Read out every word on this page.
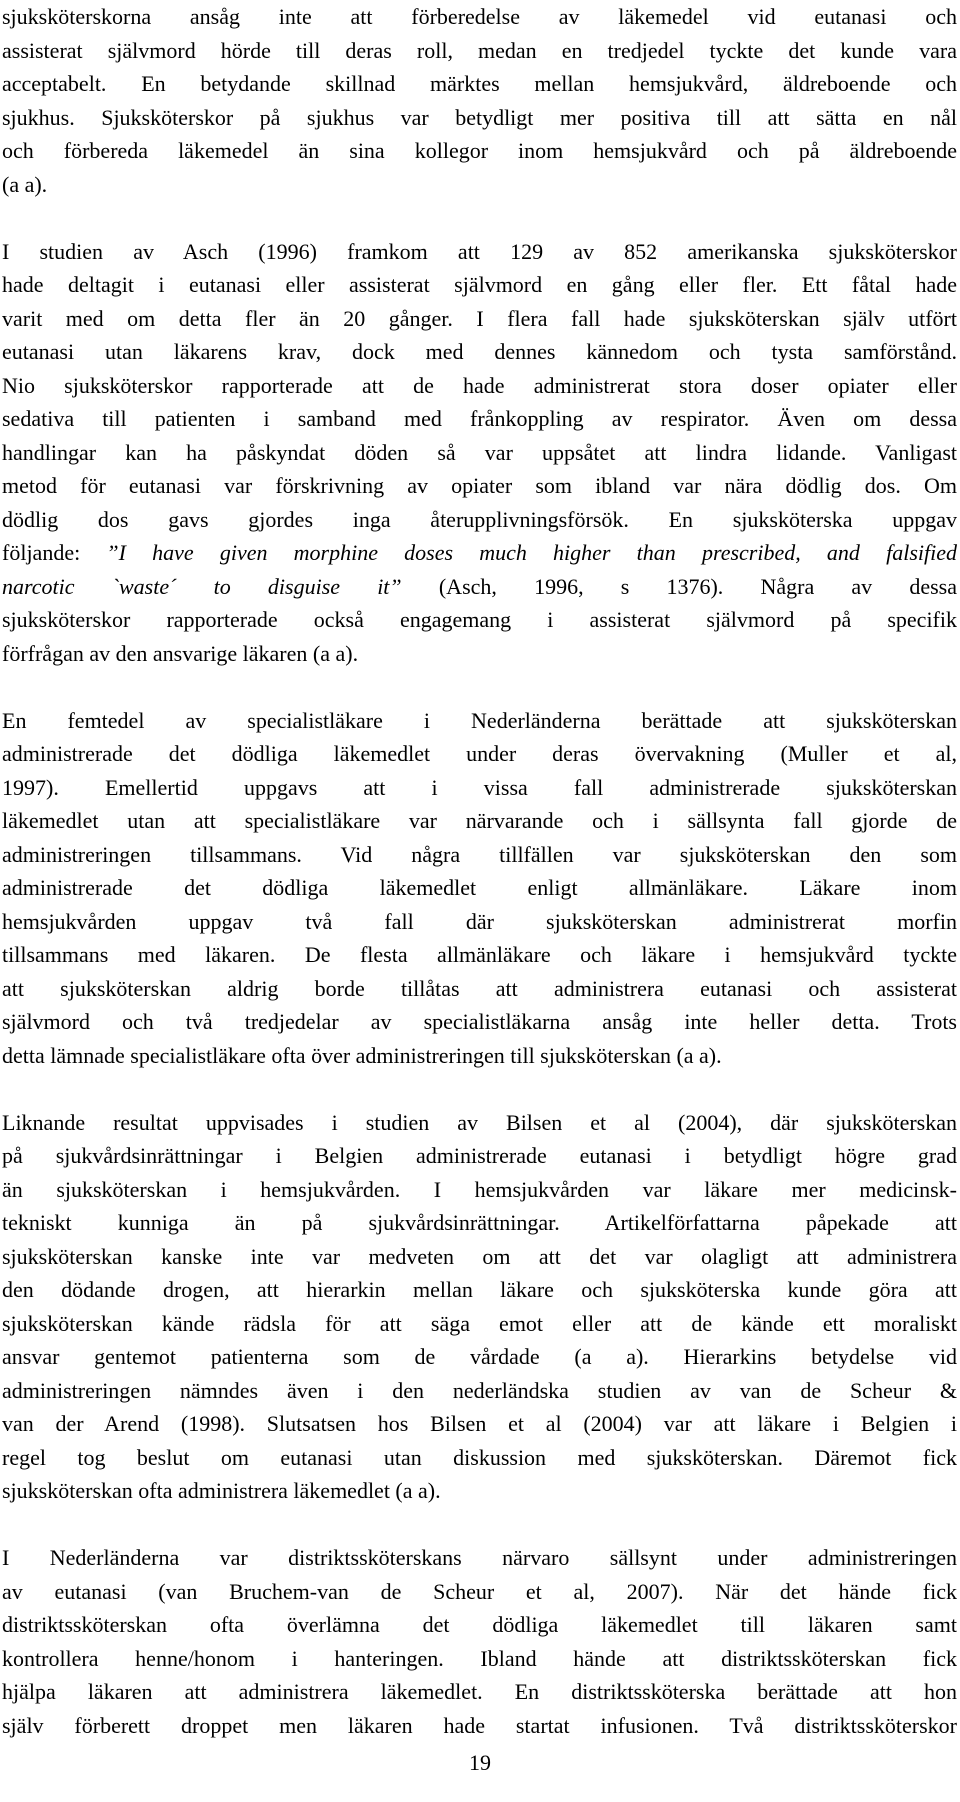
sjuksköterskorna ansåg inte att förberedelse av läkemedel vid eutanasi och
assisterat självmord hörde till deras roll, medan en tredjedel tyckte det kunde vara
acceptabelt. En betydande skillnad märktes mellan hemsjukvård, äldreboende och
sjukhus. Sjuksköterskor på sjukhus var betydligt mer positiva till att sätta en nål
och förbereda läkemedel än sina kollegor inom hemsjukvård och på äldreboende
(a a).
I studien av Asch (1996) framkom att 129 av 852 amerikanska sjuksköterskor
hade deltagit i eutanasi eller assisterat självmord en gång eller fler. Ett fåtal hade
varit med om detta fler än 20 gånger. I flera fall hade sjuksköterskan själv utfört
eutanasi utan läkarens krav, dock med dennes kännedom och tysta samförstånd.
Nio sjuksköterskor rapporterade att de hade administrerat stora doser opiater eller
sedativa till patienten i samband med frånkoppling av respirator. Även om dessa
handlingar kan ha påskyndat döden så var uppsåtet att lindra lidande. Vanligast
metod för eutanasi var förskrivning av opiater som ibland var nära dödlig dos. Om
dödlig dos gavs gjordes inga återupplivningsförsök. En sjuksköterska uppgav
följande: ”I have given morphine doses much higher than prescribed, and falsified
narcotic `waste´ to disguise it” (Asch, 1996, s 1376). Några av dessa
sjuksköterskor rapporterade också engagemang i assisterat självmord på specifik
förfrågan av den ansvarige läkaren (a a).
En femtedel av specialistläkare i Nederländerna berättade att sjuksköterskan
administrerade det dödliga läkemedlet under deras övervakning (Muller et al,
1997). Emellertid uppgavs att i vissa fall administrerade sjuksköterskan
läkemedlet utan att specialistläkare var närvarande och i sällsynta fall gjorde de
administreringen tillsammans. Vid några tillfällen var sjuksköterskan den som
administrerade det dödliga läkemedlet enligt allmänläkare. Läkare inom
hemsjukvården uppgav två fall där sjuksköterskan administrerat morfin
tillsammans med läkaren. De flesta allmänläkare och läkare i hemsjukvård tyckte
att sjuksköterskan aldrig borde tillåtas att administrera eutanasi och assisterat
självmord och två tredjedelar av specialistläkarna ansåg inte heller detta. Trots
detta lämnade specialistläkare ofta över administreringen till sjuksköterskan (a a).
Liknande resultat uppvisades i studien av Bilsen et al (2004), där sjuksköterskan
på sjukvårdsinrättningar i Belgien administrerade eutanasi i betydligt högre grad
än sjuksköterskan i hemsjukvården. I hemsjukvården var läkare mer medicinsk-
tekniskt kunniga än på sjukvårdsinrättningar. Artikelförfattarna påpekade att
sjuksköterskan kanske inte var medveten om att det var olagligt att administrera
den dödande drogen, att hierarkin mellan läkare och sjuksköterska kunde göra att
sjuksköterskan kände rädsla för att säga emot eller att de kände ett moraliskt
ansvar gentemot patienterna som de vårdade (a a). Hierarkins betydelse vid
administreringen nämndes även i den nederländska studien av van de Scheur &
van der Arend (1998). Slutsatsen hos Bilsen et al (2004) var att läkare i Belgien i
regel tog beslut om eutanasi utan diskussion med sjuksköterskan. Däremot fick
sjuksköterskan ofta administrera läkemedlet (a a).
I Nederländerna var distriktssköterskans närvaro sällsynt under administreringen
av eutanasi (van Bruchem-van de Scheur et al, 2007). När det hände fick
distriktssköterskan ofta överlämna det dödliga läkemedlet till läkaren samt
kontrollera henne/honom i hanteringen. Ibland hände att distriktssköterskan fick
hjälpa läkaren att administrera läkemedlet. En distriktssköterska berättade att hon
själv förberett droppet men läkaren hade startat infusionen. Två distriktssköterskor
19
